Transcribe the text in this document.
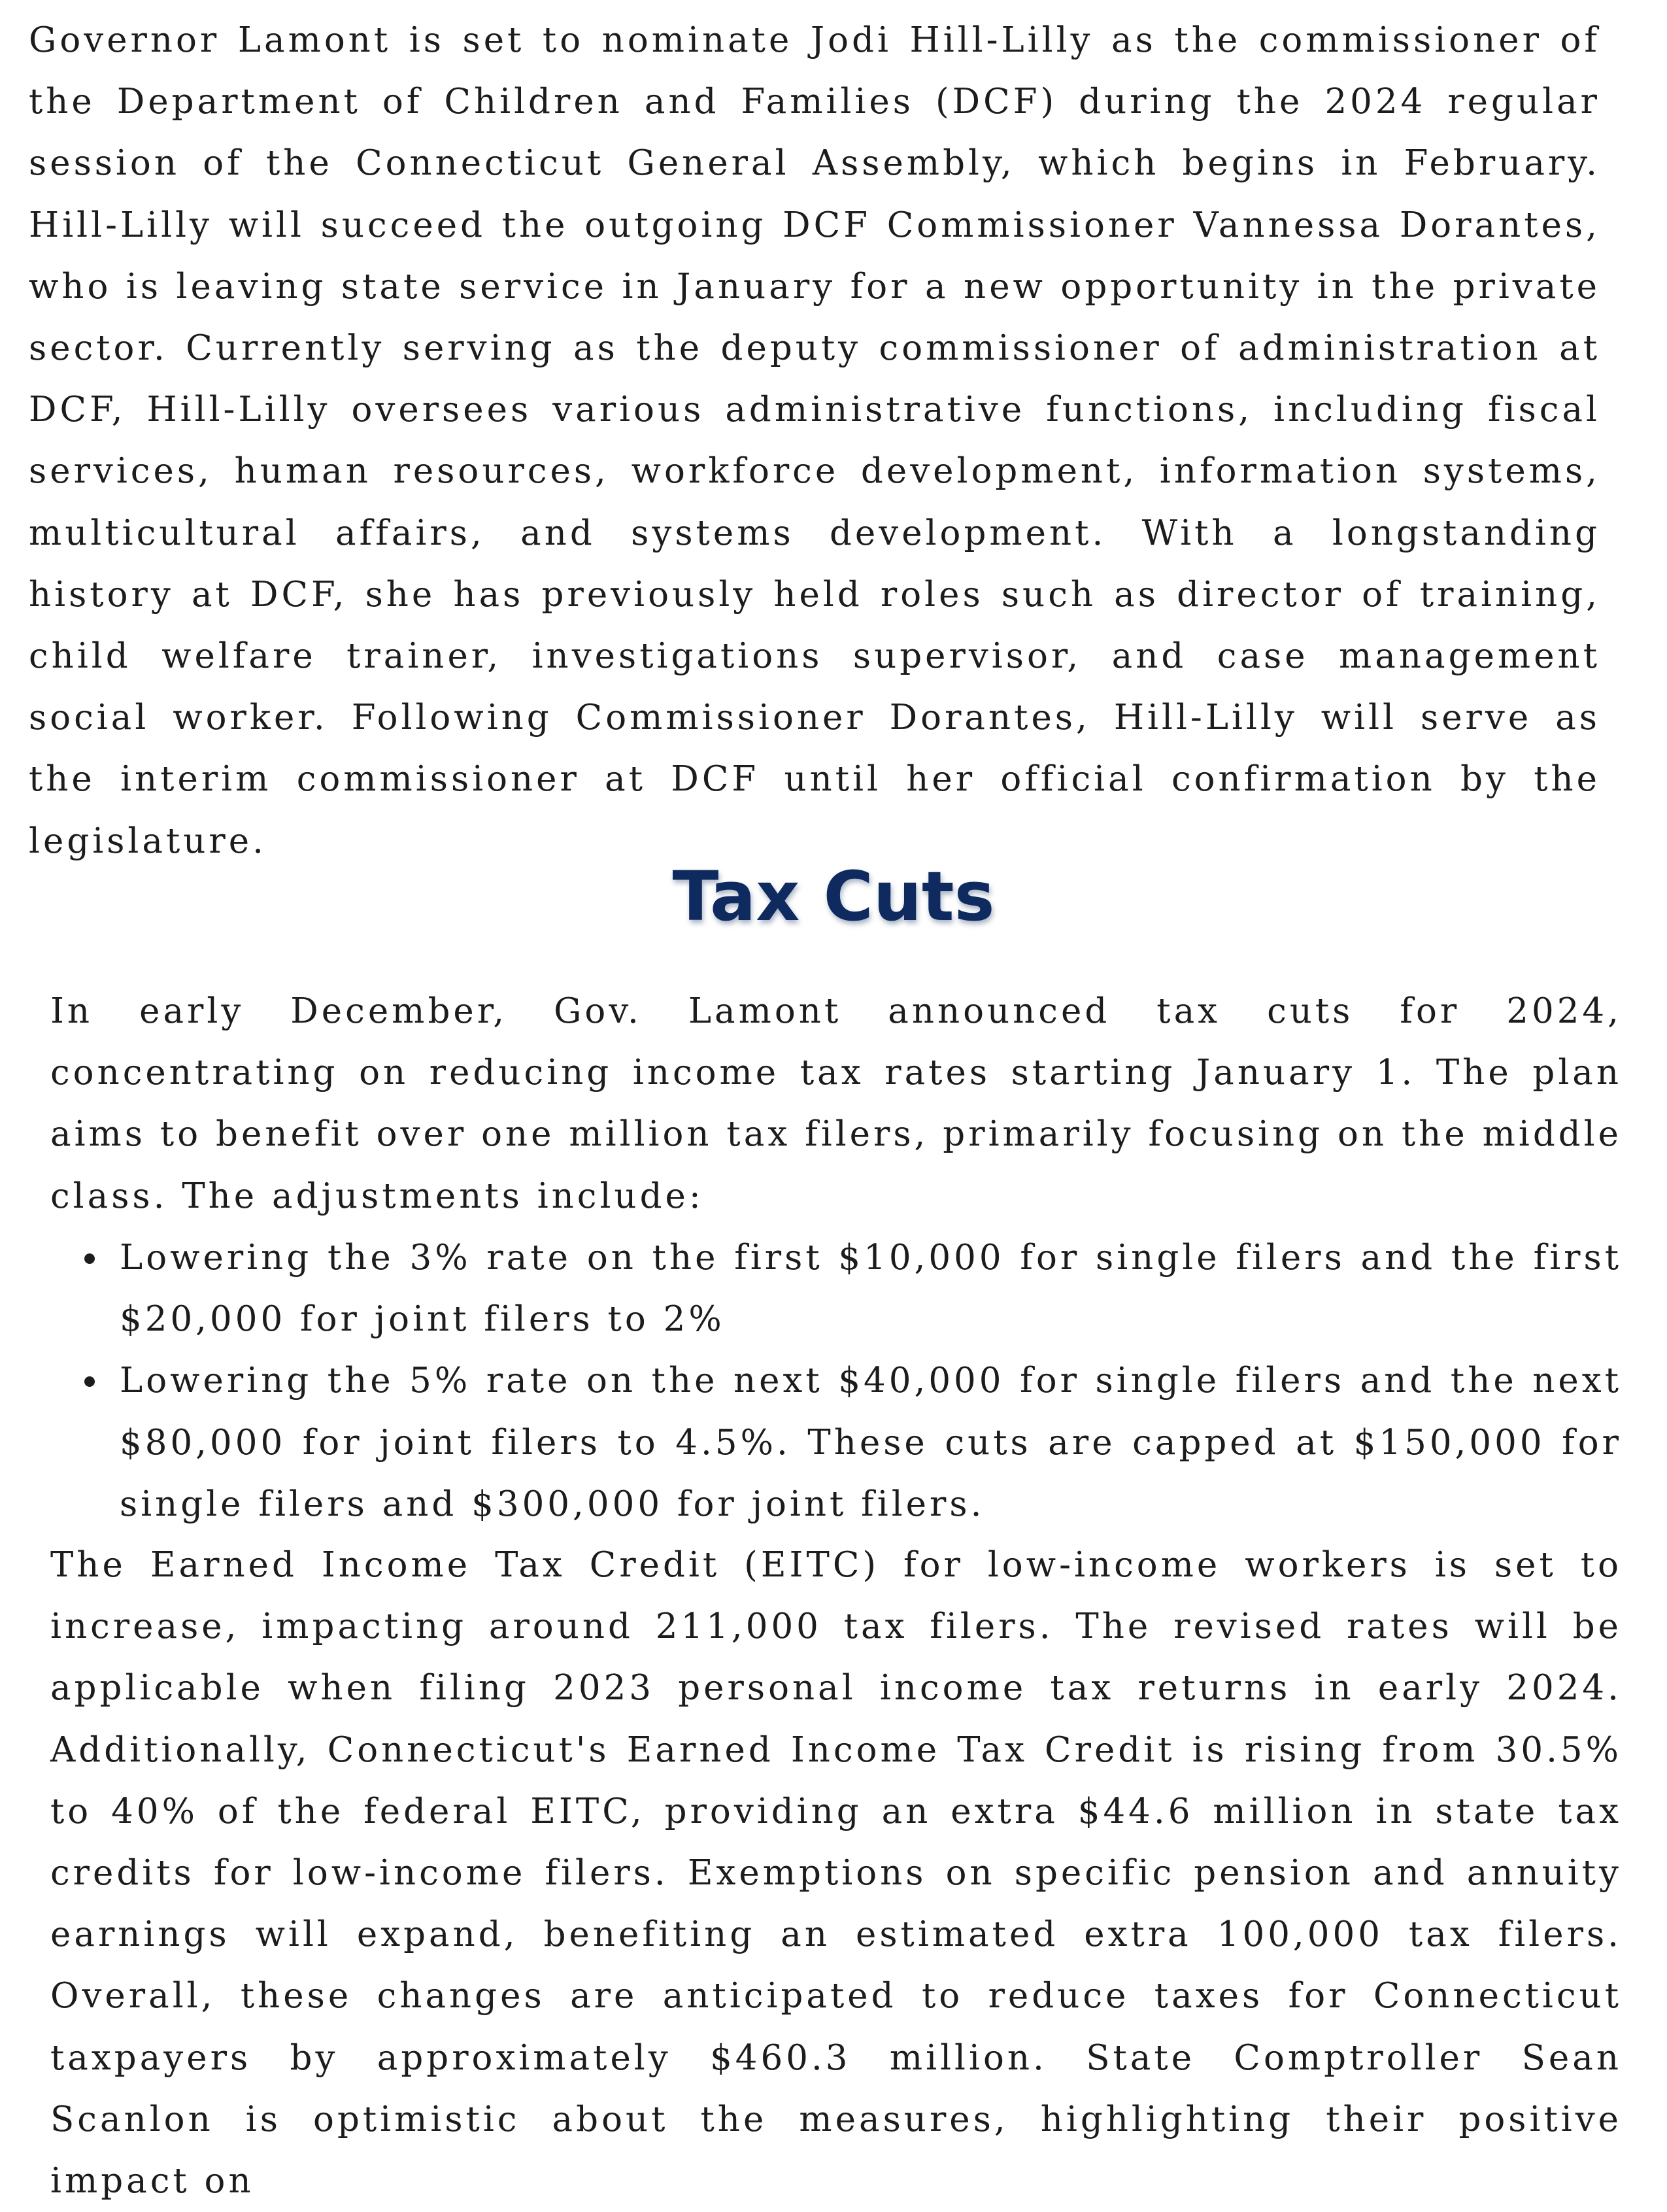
Governor Lamont is set to nominate Jodi Hill-Lilly as the commissioner of the Department of Children and Families (DCF) during the 2024 regular session of the Connecticut General Assembly, which begins in February. Hill-Lilly will succeed the outgoing DCF Commissioner Vannessa Dorantes, who is leaving state service in January for a new opportunity in the private sector. Currently serving as the deputy commissioner of administration at DCF, Hill-Lilly oversees various administrative functions, including fiscal services, human resources, workforce development, information systems, multicultural affairs, and systems development. With a longstanding history at DCF, she has previously held roles such as director of training, child welfare trainer, investigations supervisor, and case management social worker. Following Commissioner Dorantes, Hill-Lilly will serve as the interim commissioner at DCF until her official confirmation by the legislature.

Tax Cuts

In early December, Gov. Lamont announced tax cuts for 2024, concentrating on reducing income tax rates starting January 1. The plan aims to benefit over one million tax filers, primarily focusing on the middle class. The adjustments include:

Lowering the 3% rate on the first $10,000 for single filers and the first $20,000 for joint filers to 2%
Lowering the 5% rate on the next $40,000 for single filers and the next $80,000 for joint filers to 4.5%. These cuts are capped at $150,000 for single filers and $300,000 for joint filers.

The Earned Income Tax Credit (EITC) for low-income workers is set to increase, impacting around 211,000 tax filers. The revised rates will be applicable when filing 2023 personal income tax returns in early 2024. Additionally, Connecticut's Earned Income Tax Credit is rising from 30.5% to 40% of the federal EITC, providing an extra $44.6 million in state tax credits for low-income filers. Exemptions on specific pension and annuity earnings will expand, benefiting an estimated extra 100,000 tax filers. Overall, these changes are anticipated to reduce taxes for Connecticut taxpayers by approximately $460.3 million. State Comptroller Sean Scanlon is optimistic about the measures, highlighting their positive impact on
